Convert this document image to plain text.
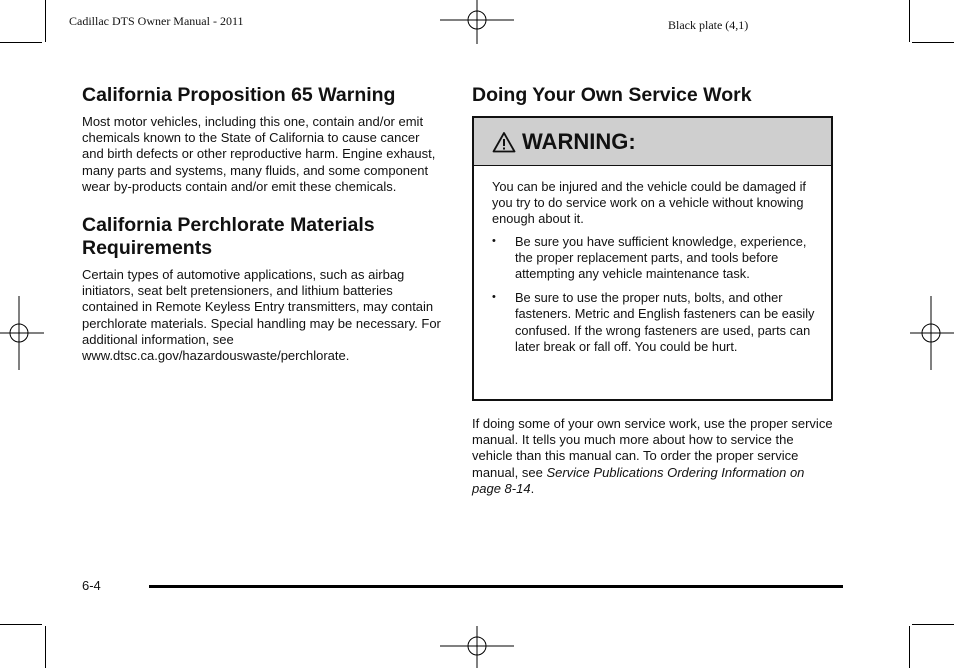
Cadillac DTS Owner Manual - 2011	Black plate (4,1)
California Proposition 65 Warning

Most motor vehicles, including this one, contain and/or emit chemicals known to the State of California to cause cancer and birth defects or other reproductive harm. Engine exhaust, many parts and systems, many fluids, and some component wear by-products contain and/or emit these chemicals.

California Perchlorate Materials Requirements

Certain types of automotive applications, such as airbag initiators, seat belt pretensioners, and lithium batteries contained in Remote Keyless Entry transmitters, may contain perchlorate materials. Special handling may be necessary. For additional information, see www.dtsc.ca.gov/hazardouswaste/perchlorate.

Doing Your Own Service Work
WARNING:

You can be injured and the vehicle could be damaged if you try to do service work on a vehicle without knowing enough about it.

• Be sure you have sufficient knowledge, experience, the proper replacement parts, and tools before attempting any vehicle maintenance task.

• Be sure to use the proper nuts, bolts, and other fasteners. Metric and English fasteners can be easily confused. If the wrong fasteners are used, parts can later break or fall off. You could be hurt.

If doing some of your own service work, use the proper service manual. It tells you much more about how to service the vehicle than this manual can. To order the proper service manual, see Service Publications Ordering Information on page 8-14.

6-4
